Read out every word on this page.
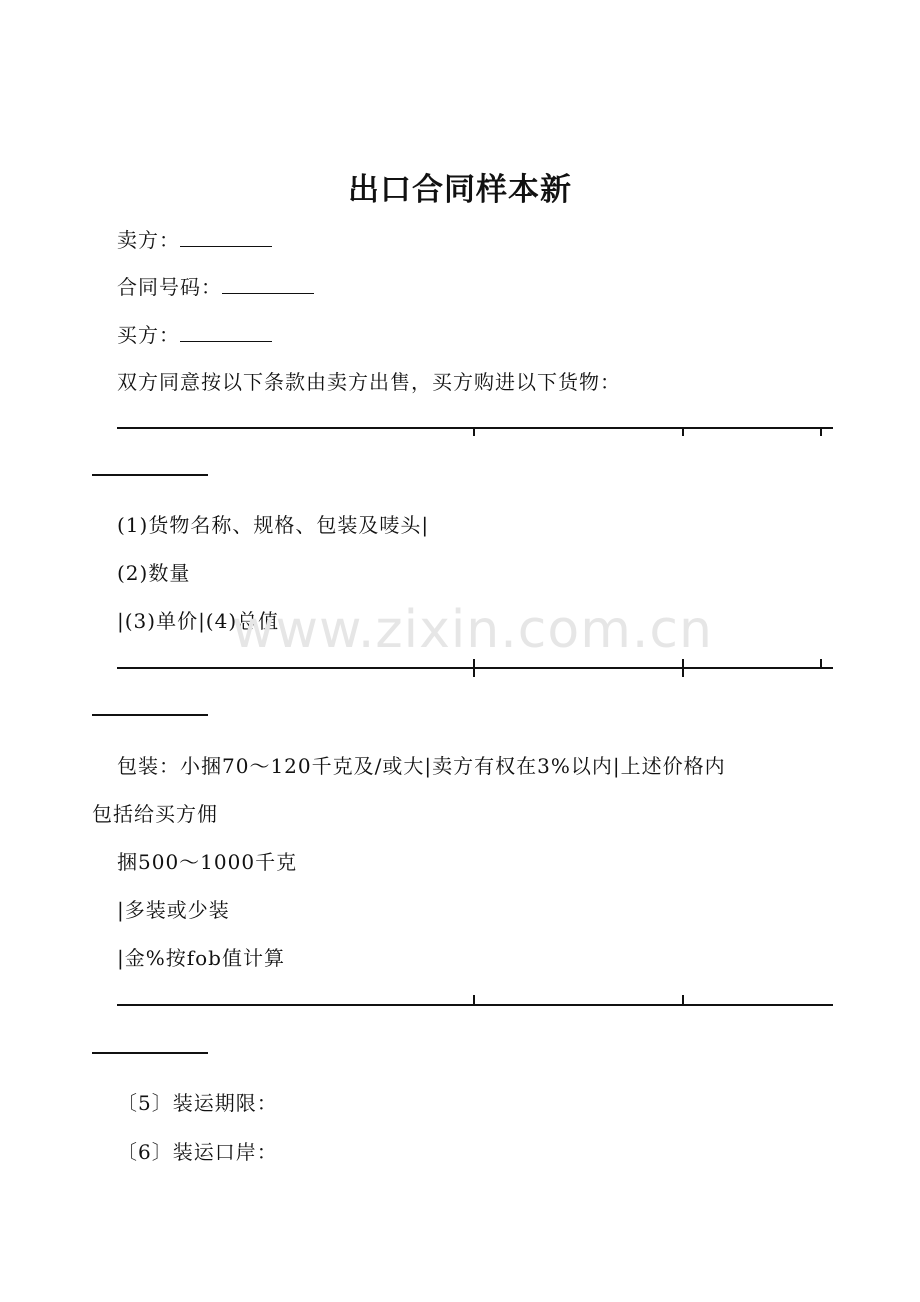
出口合同样本新
卖方：
合同号码：
买方：
双方同意按以下条款由卖方出售，买方购进以下货物：
(1)货物名称、规格、包装及唛头|
(2)数量
|(3)单价|(4)总值
www.zixin.com.cn
包装：小捆70～120千克及/或大|卖方有权在3%以内|上述价格内
包括给买方佣
捆500～1000千克
|多装或少装
|金%按fob值计算
〔5〕装运期限：
〔6〕装运口岸：
